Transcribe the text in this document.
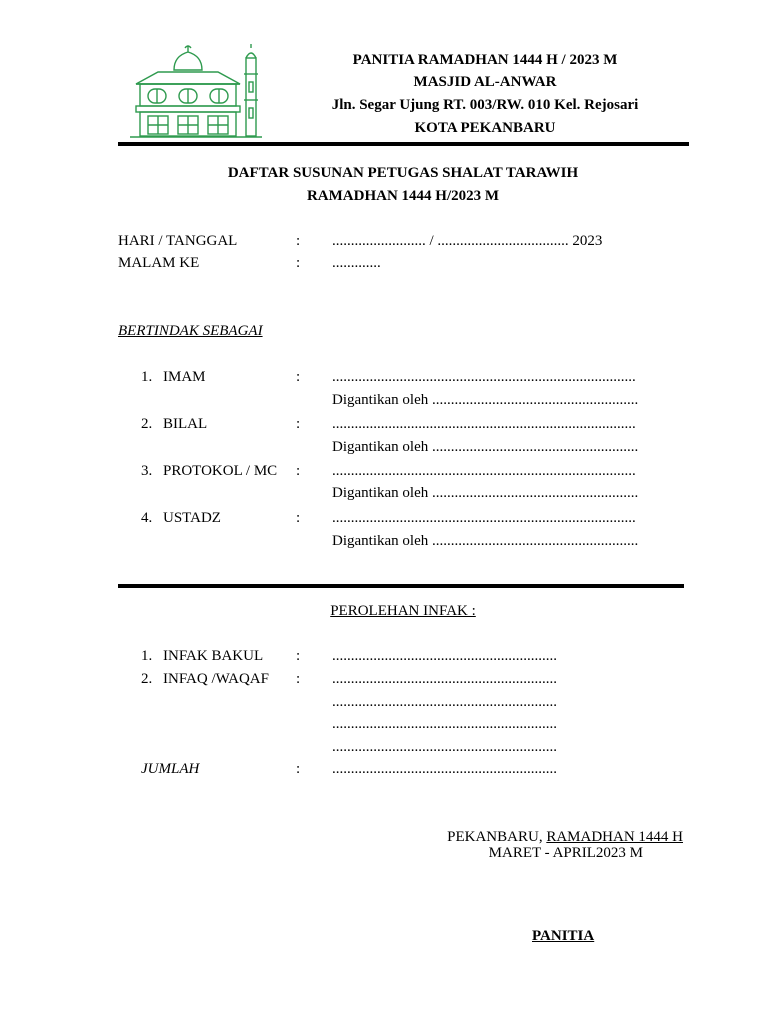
PANITIA RAMADHAN 1444 H / 2023 M
MASJID AL-ANWAR
Jln. Segar Ujung RT. 003/RW. 010 Kel. Rejosari
KOTA PEKANBARU
DAFTAR SUSUNAN PETUGAS SHALAT TARAWIH
RAMADHAN 1444 H/2023 M
HARI / TANGGAL	: ......................... / ................................... 2023
MALAM KE	: .............
BERTINDAK SEBAGAI
1. IMAM	: .................................................................................
Digantikan oleh .......................................................
2. BILAL	: .................................................................................
Digantikan oleh .......................................................
3. PROTOKOL / MC : .................................................................................
Digantikan oleh .......................................................
4. USTADZ	: .................................................................................
Digantikan oleh .......................................................
PEROLEHAN INFAK :
1. INFAK BAKUL : ............................................................
2. INFAQ /WAQAF : ............................................................
............................................................
............................................................
............................................................
JUMLAH	: ............................................................
PEKANBARU, RAMADHAN 1444 H
MARET - APRIL2023 M
PANITIA
